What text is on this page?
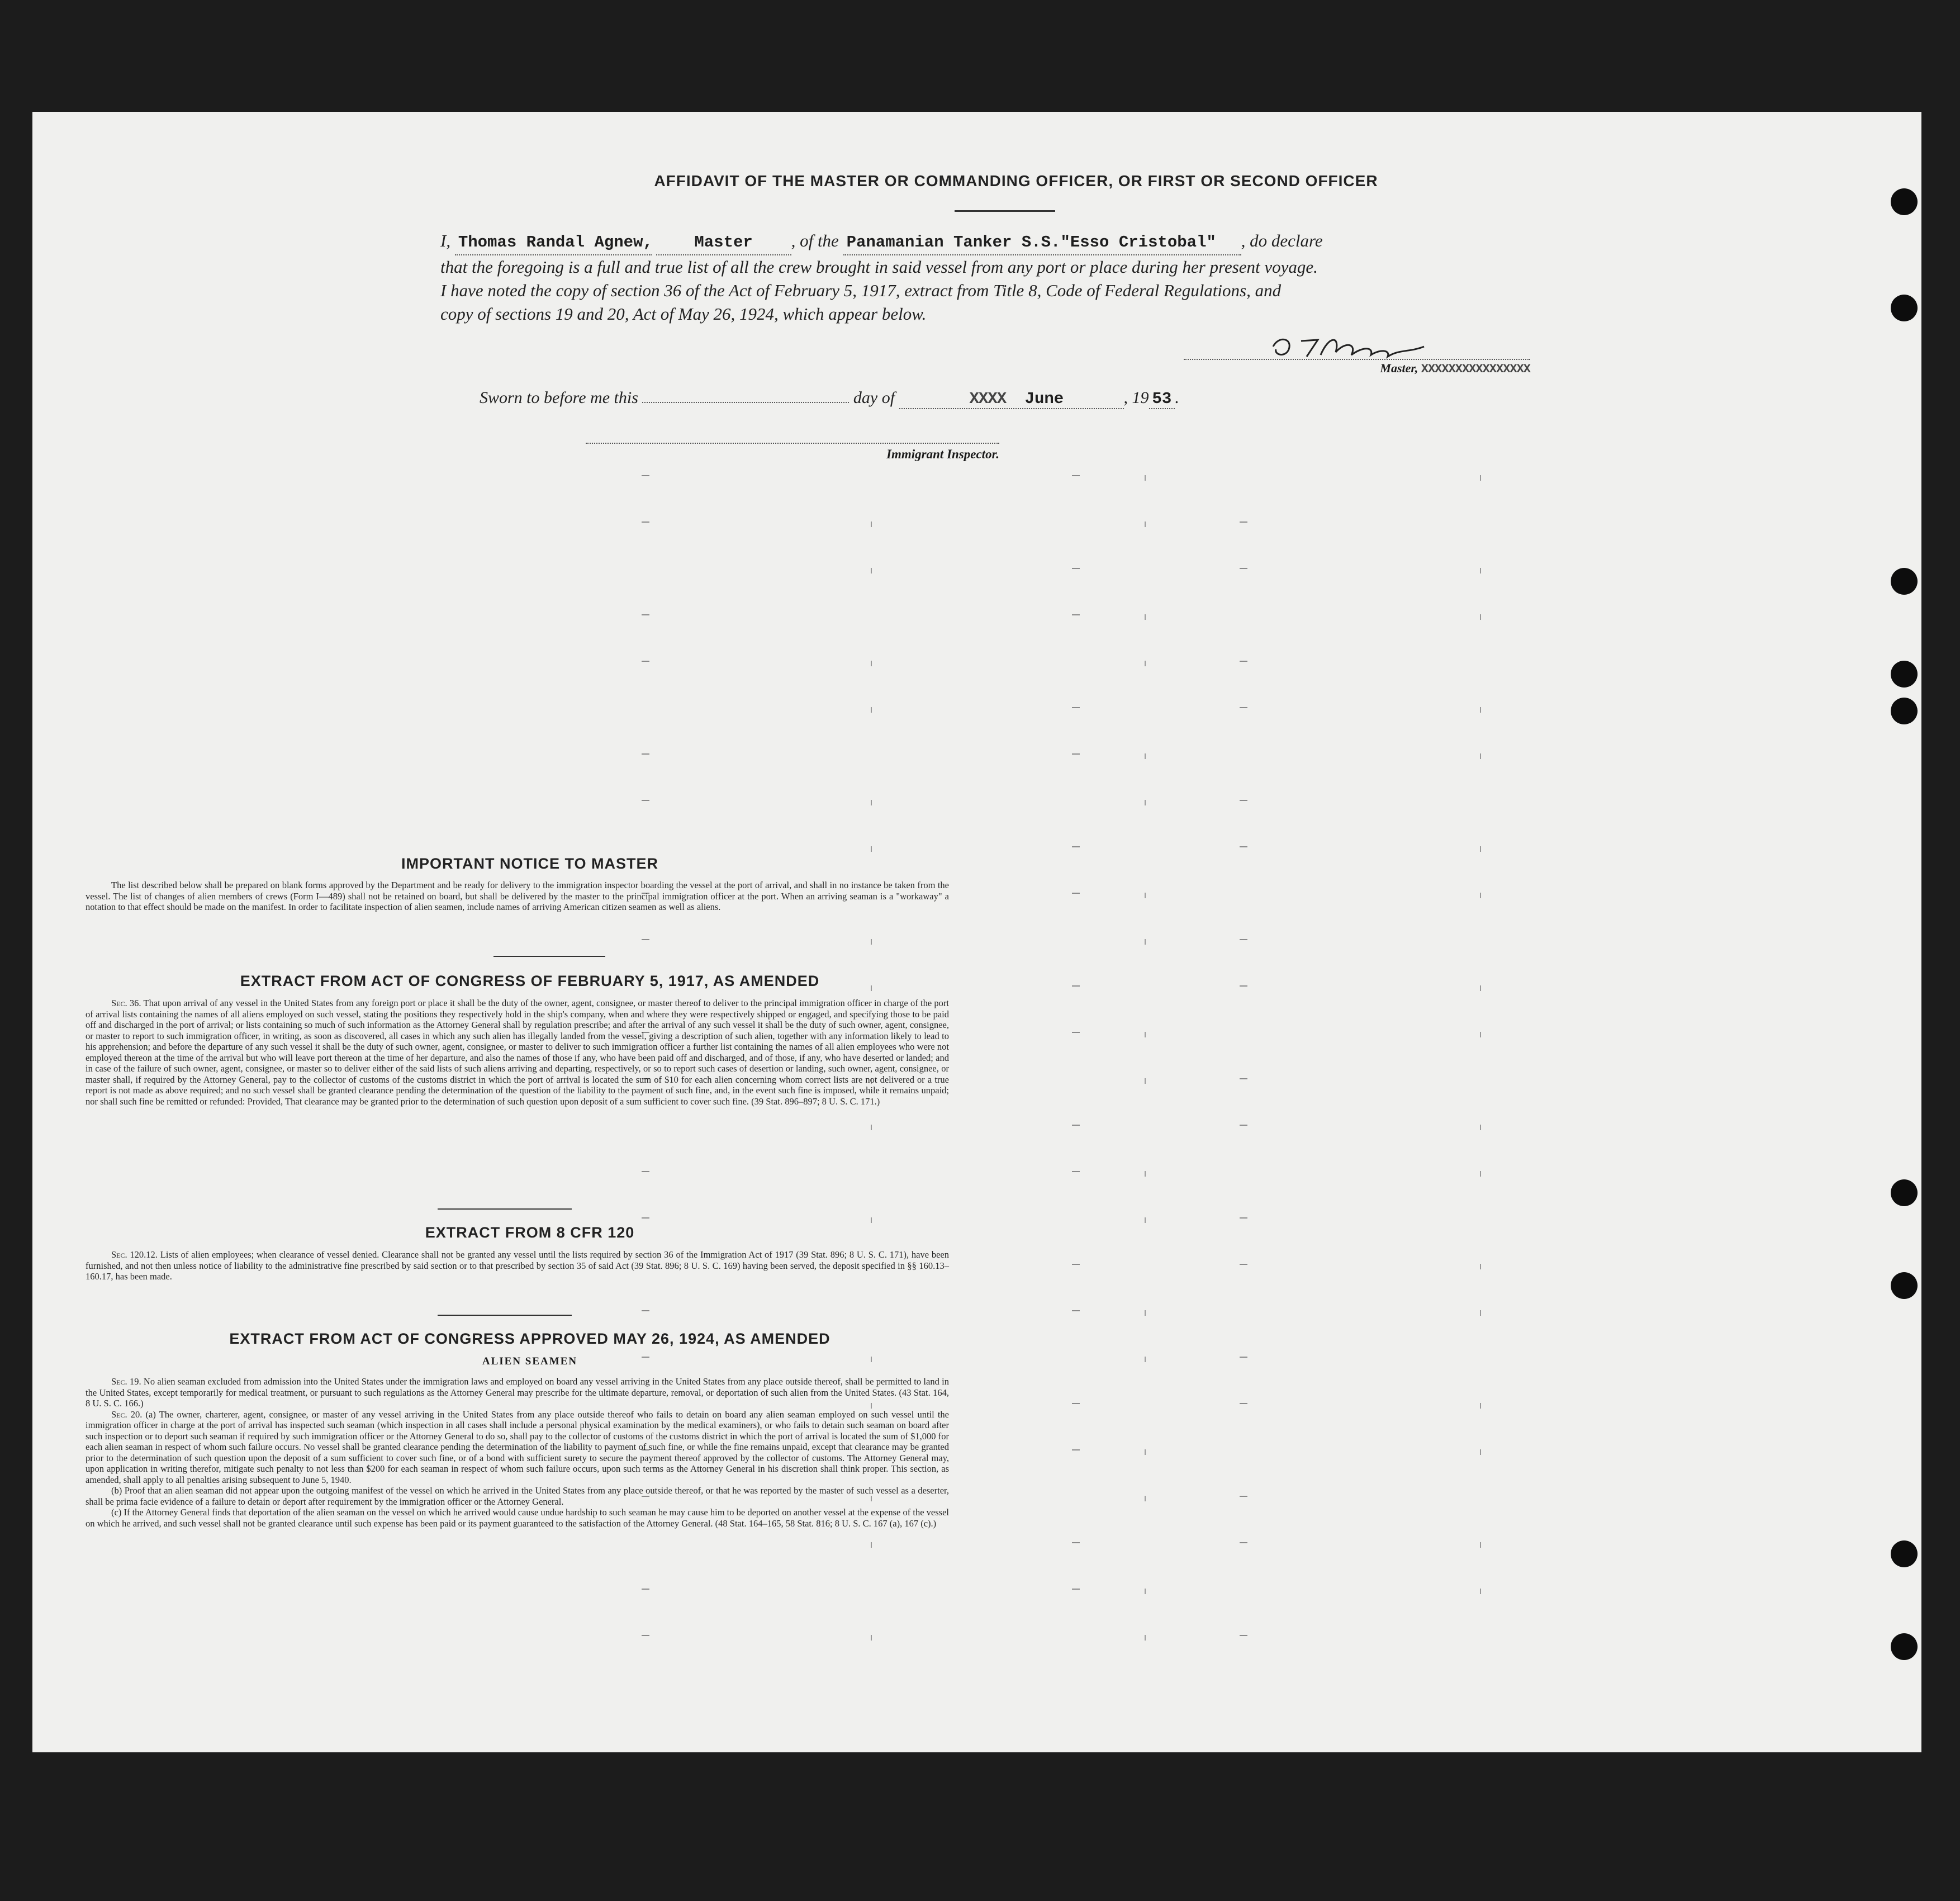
AFFIDAVIT OF THE MASTER OR COMMANDING OFFICER, OR FIRST OR SECOND OFFICER
I, Thomas Randal Agnew,	Master , of the Panamanian Tanker S.S."Esso Cristobal" , do declare
that the foregoing is a full and true list of all the crew brought in said vessel from any port or place during her present voyage.
I have noted the copy of section 36 of the Act of February 5, 1917, extract from Title 8, Code of Federal Regulations, and
copy of sections 19 and 20, Act of May 26, 1924, which appear below.
Master, XXXXXXXXXXXXXXXX
Sworn to before me this	day of	XXXX June	, 19 53 .
Immigrant Inspector.
IMPORTANT NOTICE TO MASTER

The list described below shall be prepared on blank forms approved by the Department and be ready for delivery to the immigration inspector boarding the vessel at the port of arrival, and shall in no instance be taken from the vessel. The list of changes of alien members of crews (Form I—489) shall not be retained on board, but shall be delivered by the master to the principal immigration officer at the port. When an arriving seaman is a "workaway" a notation to that effect should be made on the manifest. In order to facilitate inspection of alien seamen, include names of arriving American citizen seamen as well as aliens.

EXTRACT FROM ACT OF CONGRESS OF FEBRUARY 5, 1917, AS AMENDED

Sec. 36. That upon arrival of any vessel in the United States from any foreign port or place it shall be the duty of the owner, agent, consignee, or master thereof to deliver to the principal immigration officer in charge of the port of arrival lists containing the names of all aliens employed on such vessel, stating the positions they respectively hold in the ship's company, when and where they were respectively shipped or engaged, and specifying those to be paid off and discharged in the port of arrival; or lists containing so much of such information as the Attorney General shall by regulation prescribe; and after the arrival of any such vessel it shall be the duty of such owner, agent, consignee, or master to report to such immigration officer, in writing, as soon as discovered, all cases in which any such alien has illegally landed from the vessel, giving a description of such alien, together with any information likely to lead to his apprehension; and before the departure of any such vessel it shall be the duty of such owner, agent, consignee, or master to deliver to such immigration officer a further list containing the names of all alien employees who were not employed thereon at the time of the arrival but who will leave port thereon at the time of her departure, and also the names of those if any, who have been paid off and discharged, and of those, if any, who have deserted or landed; and in case of the failure of such owner, agent, consignee, or master so to deliver either of the said lists of such aliens arriving and departing, respectively, or so to report such cases of desertion or landing, such owner, agent, consignee, or master shall, if required by the Attorney General, pay to the collector of customs of the customs district in which the port of arrival is located the sum of $10 for each alien concerning whom correct lists are not delivered or a true report is not made as above required; and no such vessel shall be granted clearance pending the determination of the question of the liability to the payment of such fine, and, in the event such fine is imposed, while it remains unpaid; nor shall such fine be remitted or refunded: Provided, That clearance may be granted prior to the determination of such question upon deposit of a sum sufficient to cover such fine. (39 Stat. 896–897; 8 U. S. C. 171.)

EXTRACT FROM 8 CFR 120

Sec. 120.12. Lists of alien employees; when clearance of vessel denied. Clearance shall not be granted any vessel until the lists required by section 36 of the Immigration Act of 1917 (39 Stat. 896; 8 U. S. C. 171), have been furnished, and not then unless notice of liability to the administrative fine prescribed by said section or to that prescribed by section 35 of said Act (39 Stat. 896; 8 U. S. C. 169) having been served, the deposit specified in §§ 160.13–160.17, has been made.

EXTRACT FROM ACT OF CONGRESS APPROVED MAY 26, 1924, AS AMENDED
ALIEN SEAMEN

Sec. 19. No alien seaman excluded from admission into the United States under the immigration laws and employed on board any vessel arriving in the United States from any place outside thereof, shall be permitted to land in the United States, except temporarily for medical treatment, or pursuant to such regulations as the Attorney General may prescribe for the ultimate departure, removal, or deportation of such alien from the United States. (43 Stat. 164, 8 U. S. C. 166.)

Sec. 20. (a) The owner, charterer, agent, consignee, or master of any vessel arriving in the United States from any place outside thereof who fails to detain on board any alien seaman employed on such vessel until the immigration officer in charge at the port of arrival has inspected such seaman (which inspection in all cases shall include a personal physical examination by the medical examiners), or who fails to detain such seaman on board after such inspection or to deport such seaman if required by such immigration officer or the Attorney General to do so, shall pay to the collector of customs of the customs district in which the port of arrival is located the sum of $1,000 for each alien seaman in respect of whom such failure occurs. No vessel shall be granted clearance pending the determination of the liability to payment of such fine, or while the fine remains unpaid, except that clearance may be granted prior to the determination of such question upon the deposit of a sum sufficient to cover such fine, or of a bond with sufficient surety to secure the payment thereof approved by the collector of customs. The Attorney General may, upon application in writing therefor, mitigate such penalty to not less than $200 for each seaman in respect of whom such failure occurs, upon such terms as the Attorney General in his discretion shall think proper. This section, as amended, shall apply to all penalties arising subsequent to June 5, 1940.

(b) Proof that an alien seaman did not appear upon the outgoing manifest of the vessel on which he arrived in the United States from any place outside thereof, or that he was reported by the master of such vessel as a deserter, shall be prima facie evidence of a failure to detain or deport after requirement by the immigration officer or the Attorney General.

(c) If the Attorney General finds that deportation of the alien seaman on the vessel on which he arrived would cause undue hardship to such seaman he may cause him to be deported on another vessel at the expense of the vessel on which he arrived, and such vessel shall not be granted clearance until such expense has been paid or its payment guaranteed to the satisfaction of the Attorney General. (48 Stat. 164–165, 58 Stat. 816; 8 U. S. C. 167 (a), 167 (c).)
